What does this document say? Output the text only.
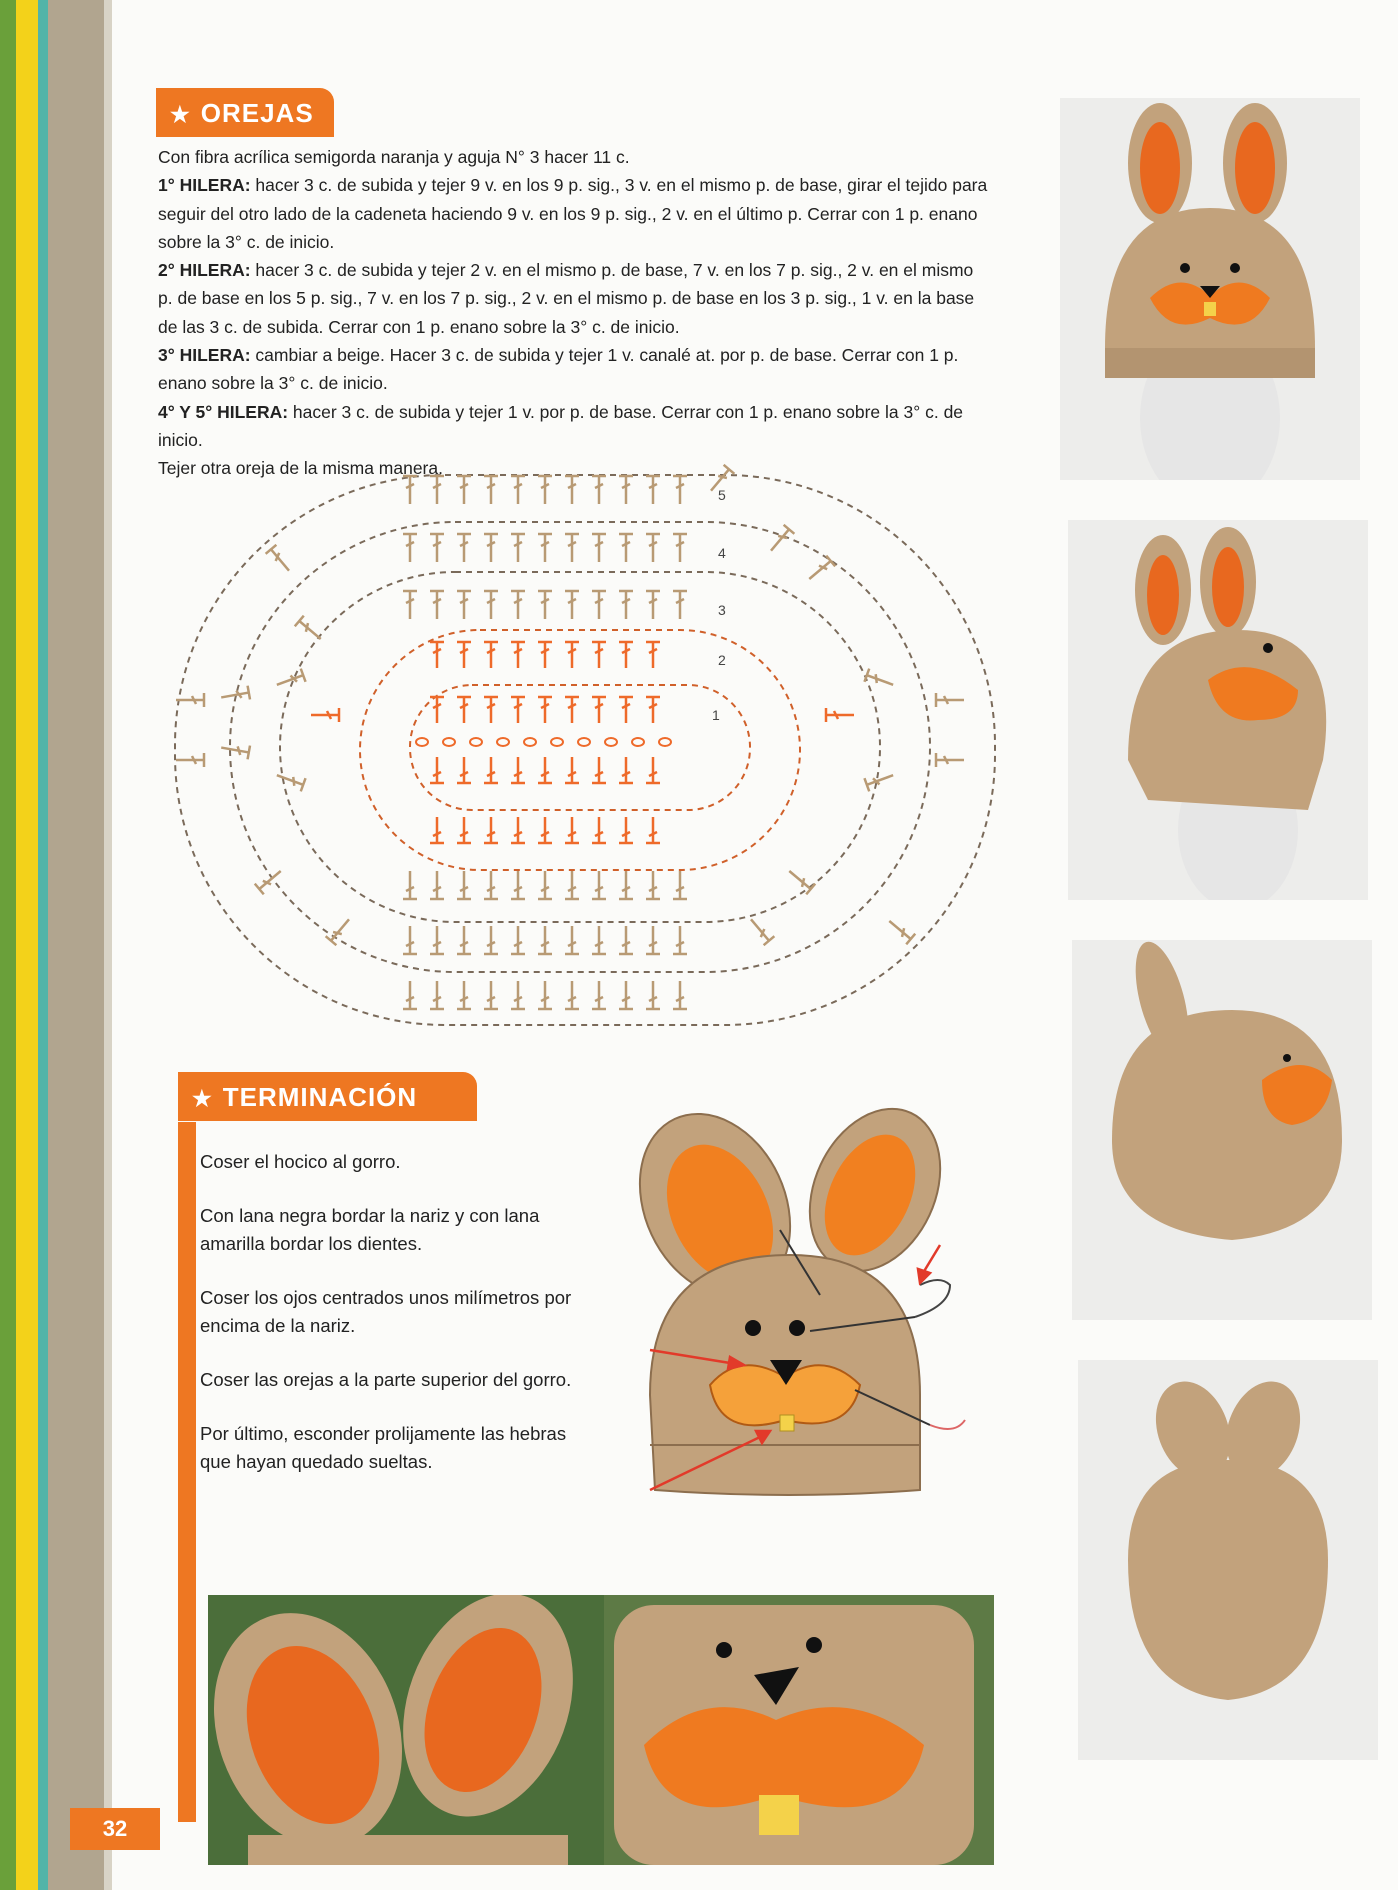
★ OREJAS

Con fibra acrílica semigorda naranja y aguja N° 3 hacer 11 c.

1° HILERA: hacer 3 c. de subida y tejer 9 v. en los 9 p. sig., 3 v. en el mismo p. de base, girar el tejido para seguir del otro lado de la cadeneta haciendo 9 v. en los 9 p. sig., 2 v. en el último p. Cerrar con 1 p. enano sobre la 3° c. de inicio.

2° HILERA: hacer 3 c. de subida y tejer 2 v. en el mismo p. de base, 7 v. en los 7 p. sig., 2 v. en el mismo p. de base en los 5 p. sig., 7 v. en los 7 p. sig., 2 v. en el mismo p. de base en los 3 p. sig., 1 v. en la base de las 3 c. de subida. Cerrar con 1 p. enano sobre la 3° c. de inicio.

3° HILERA: cambiar a beige. Hacer 3 c. de subida y tejer 1 v. canalé at. por p. de base. Cerrar con 1 p. enano sobre la 3° c. de inicio.

4° Y 5° HILERA: hacer 3 c. de subida y tejer 1 v. por p. de base. Cerrar con 1 p. enano sobre la 3° c. de inicio.

Tejer otra oreja de la misma manera.

5
4
3
2
1
★ TERMINACIÓN

Coser el hocico al gorro.

Con lana negra bordar la nariz y con lana amarilla bordar los dientes.

Coser los ojos centrados unos milímetros por encima de la nariz.

Coser las orejas a la parte superior del gorro.

Por último, esconder prolijamente las hebras que hayan quedado sueltas.

32
